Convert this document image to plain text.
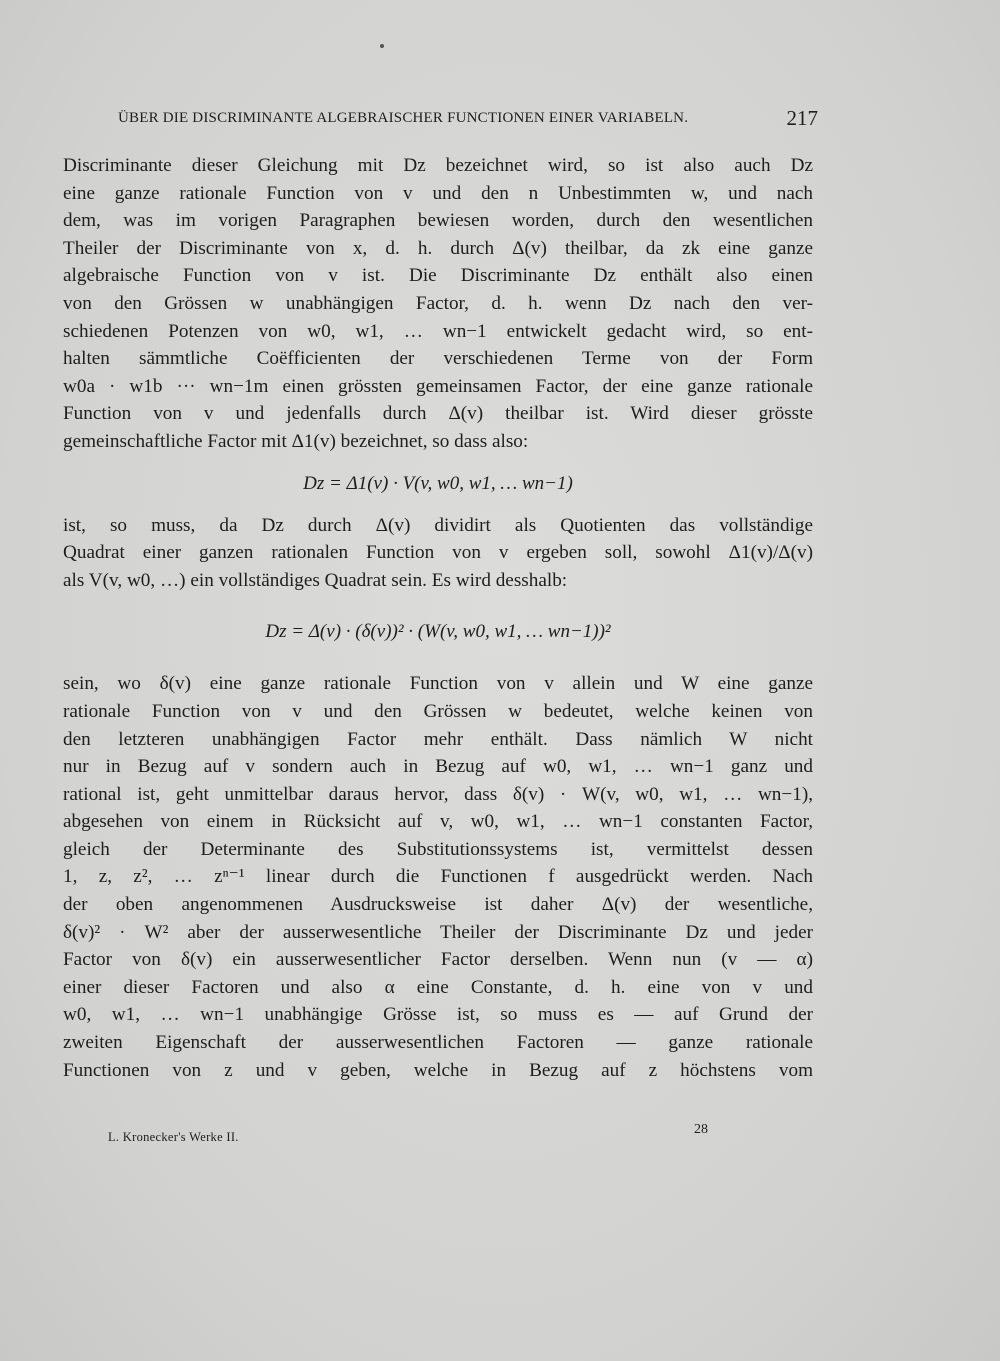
ÜBER DIE DISCRIMINANTE ALGEBRAISCHER FUNCTIONEN EINER VARIABELN.	217
Discriminante dieser Gleichung mit Dz bezeichnet wird, so ist also auch Dz
eine ganze rationale Function von v und den n Unbestimmten w, und nach
dem, was im vorigen Paragraphen bewiesen worden, durch den wesentlichen
Theiler der Discriminante von x, d. h. durch Δ(v) theilbar, da zk eine ganze
algebraische Function von v ist. Die Discriminante Dz enthält also einen
von den Grössen w unabhängigen Factor, d. h. wenn Dz nach den ver-
schiedenen Potenzen von w0, w1, … wn−1 entwickelt gedacht wird, so ent-
halten sämmtliche Coëfficienten der verschiedenen Terme von der Form
w0a · w1b ··· wn−1m einen grössten gemeinsamen Factor, der eine ganze rationale
Function von v und jedenfalls durch Δ(v) theilbar ist. Wird dieser grösste
gemeinschaftliche Factor mit Δ1(v) bezeichnet, so dass also:
Dz = Δ1(v) · V(v, w0, w1, … wn−1)
ist, so muss, da Dz durch Δ(v) dividirt als Quotienten das vollständige
Quadrat einer ganzen rationalen Function von v ergeben soll, sowohl Δ1(v)/Δ(v)
als V(v, w0, …) ein vollständiges Quadrat sein. Es wird desshalb:
Dz = Δ(v) · (δ(v))² · (W(v, w0, w1, … wn−1))²
sein, wo δ(v) eine ganze rationale Function von v allein und W eine ganze
rationale Function von v und den Grössen w bedeutet, welche keinen von
den letzteren unabhängigen Factor mehr enthält. Dass nämlich W nicht
nur in Bezug auf v sondern auch in Bezug auf w0, w1, … wn−1 ganz und
rational ist, geht unmittelbar daraus hervor, dass δ(v) · W(v, w0, w1, … wn−1),
abgesehen von einem in Rücksicht auf v, w0, w1, … wn−1 constanten Factor,
gleich der Determinante des Substitutionssystems ist, vermittelst dessen
1, z, z², … zⁿ⁻¹ linear durch die Functionen f ausgedrückt werden. Nach
der oben angenommenen Ausdrucksweise ist daher Δ(v) der wesentliche,
δ(v)² · W² aber der ausserwesentliche Theiler der Discriminante Dz und jeder
Factor von δ(v) ein ausserwesentlicher Factor derselben. Wenn nun (v — α)
einer dieser Factoren und also α eine Constante, d. h. eine von v und
w0, w1, … wn−1 unabhängige Grösse ist, so muss es — auf Grund der
zweiten Eigenschaft der ausserwesentlichen Factoren — ganze rationale
Functionen von z und v geben, welche in Bezug auf z höchstens vom
L. Kronecker's Werke II.	28
